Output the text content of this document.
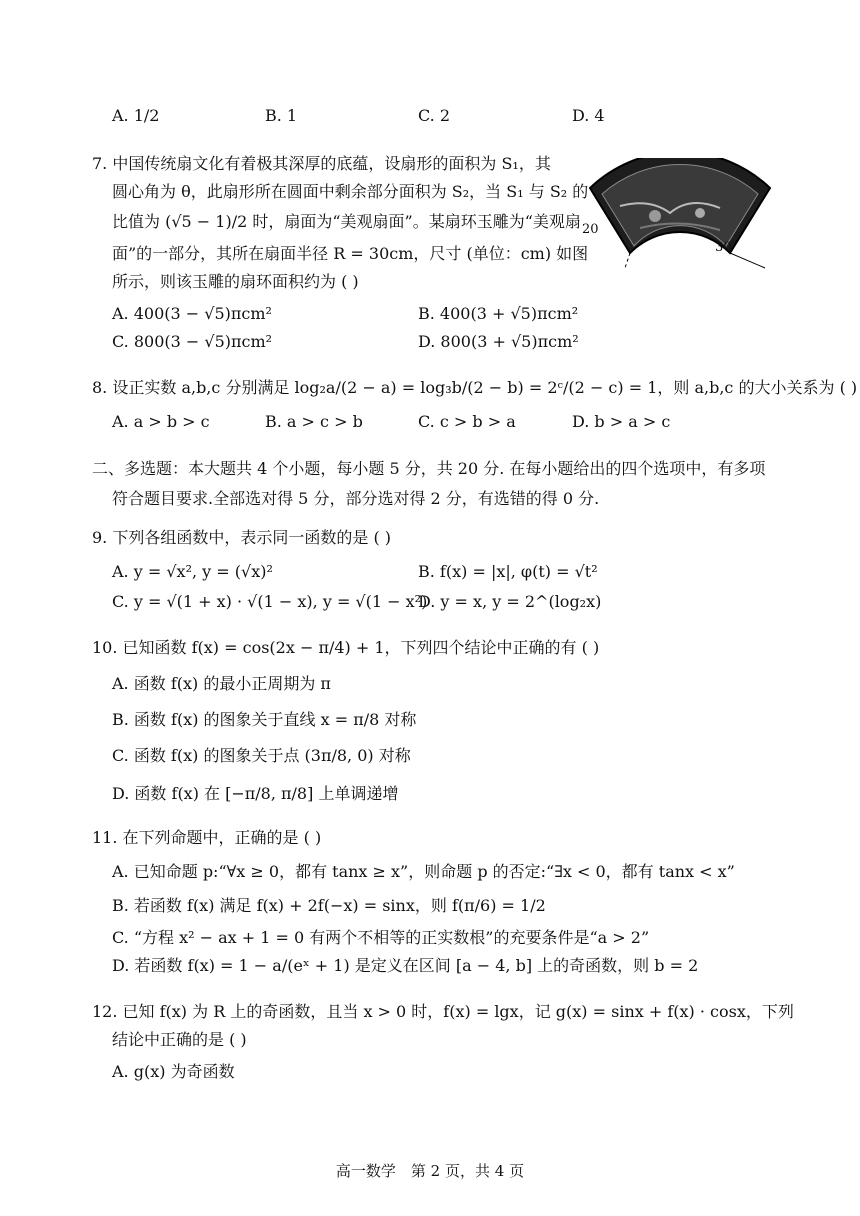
A. 1/2	B. 1	C. 2	D. 4
7. 中国传统扇文化有着极其深厚的底蕴，设扇形的面积为 S₁，其
圆心角为 θ，此扇形所在圆面中剩余部分面积为 S₂，当 S₁ 与 S₂ 的
比值为 (√5 − 1)/2 时，扇面为“美观扇面”。某扇环玉雕为“美观扇
面”的一部分，其所在扇面半径 R = 30cm，尺寸 (单位：cm) 如图
所示，则该玉雕的扇环面积约为 ( )
20
30
A. 400(3 − √5)πcm²	B. 400(3 + √5)πcm²
C. 800(3 − √5)πcm²	D. 800(3 + √5)πcm²
8. 设正实数 a,b,c 分别满足 log₂a/(2 − a) = log₃b/(2 − b) = 2ᶜ/(2 − c) = 1，则 a,b,c 的大小关系为 ( )
A. a > b > c	B. a > c > b	C. c > b > a	D. b > a > c
二、多选题：本大题共 4 个小题，每小题 5 分，共 20 分. 在每小题给出的四个选项中，有多项
符合题目要求.全部选对得 5 分，部分选对得 2 分，有选错的得 0 分.
9. 下列各组函数中，表示同一函数的是 ( )
A. y = √x², y = (√x)²	B. f(x) = |x|, φ(t) = √t²
C. y = √(1 + x) · √(1 − x), y = √(1 − x²)
D. y = x, y = 2^(log₂x)
10. 已知函数 f(x) = cos(2x − π/4) + 1，下列四个结论中正确的有 ( )
A. 函数 f(x) 的最小正周期为 π
B. 函数 f(x) 的图象关于直线 x = π/8 对称
C. 函数 f(x) 的图象关于点 (3π/8, 0) 对称
D. 函数 f(x) 在 [−π/8, π/8] 上单调递增
11. 在下列命题中，正确的是 ( )
A. 已知命题 p:“∀x ≥ 0，都有 tanx ≥ x”，则命题 p 的否定:“∃x < 0，都有 tanx < x”
B. 若函数 f(x) 满足 f(x) + 2f(−x) = sinx，则 f(π/6) = 1/2
C. “方程 x² − ax + 1 = 0 有两个不相等的正实数根”的充要条件是“a > 2”
D. 若函数 f(x) = 1 − a/(eˣ + 1) 是定义在区间 [a − 4, b] 上的奇函数，则 b = 2
12. 已知 f(x) 为 R 上的奇函数，且当 x > 0 时，f(x) = lgx，记 g(x) = sinx + f(x) · cosx，下列
结论中正确的是 ( )
A. g(x) 为奇函数
高一数学　第 2 页，共 4 页
